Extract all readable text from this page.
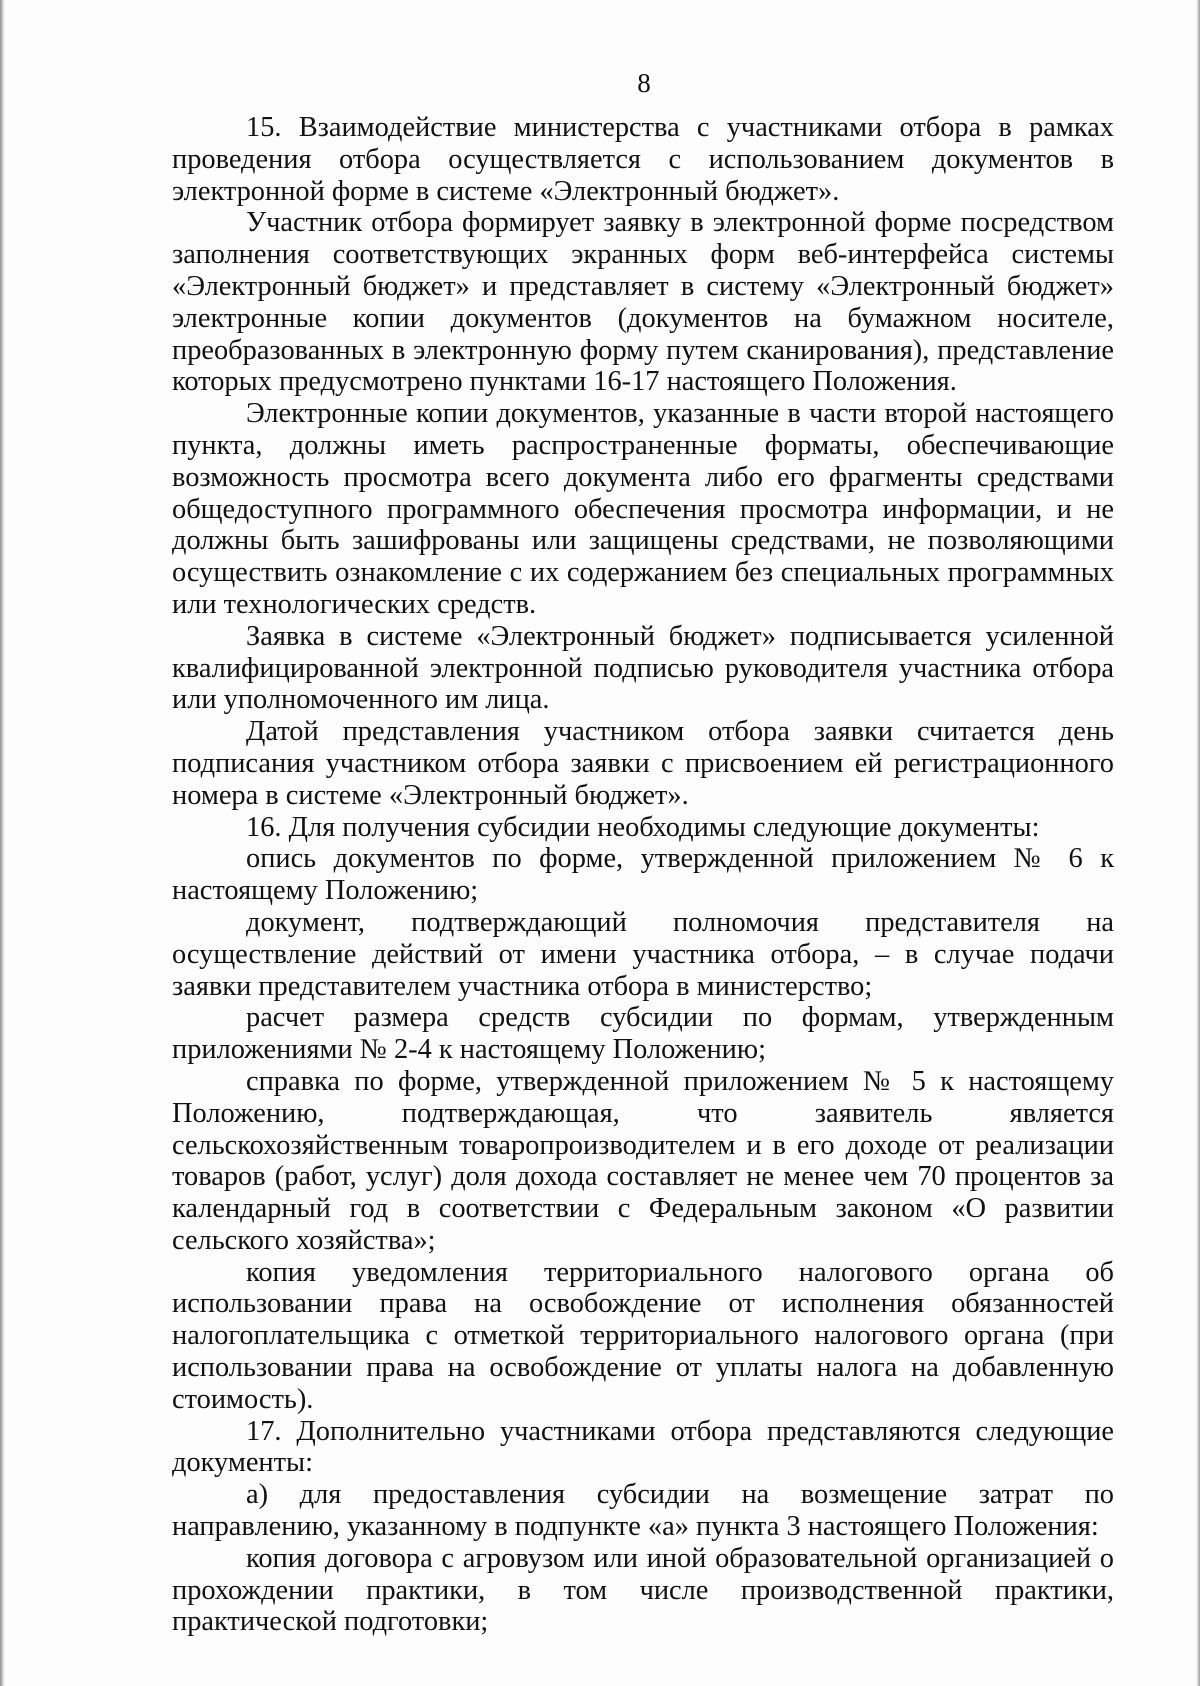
8

15. Взаимодействие министерства с участниками отбора в рамках проведения отбора осуществляется с использованием документов в электронной форме в системе «Электронный бюджет».

Участник отбора формирует заявку в электронной форме посредством заполнения соответствующих экранных форм веб-интерфейса системы «Электронный бюджет» и представляет в систему «Электронный бюджет» электронные копии документов (документов на бумажном носителе, преобразованных в электронную форму путем сканирования), представление которых предусмотрено пунктами 16-17 настоящего Положения.

Электронные копии документов, указанные в части второй настоящего пункта, должны иметь распространенные форматы, обеспечивающие возможность просмотра всего документа либо его фрагменты средствами общедоступного программного обеспечения просмотра информации, и не должны быть зашифрованы или защищены средствами, не позволяющими осуществить ознакомление с их содержанием без специальных программных или технологических средств.

Заявка в системе «Электронный бюджет» подписывается усиленной квалифицированной электронной подписью руководителя участника отбора или уполномоченного им лица.

Датой представления участником отбора заявки считается день подписания участником отбора заявки с присвоением ей регистрационного номера в системе «Электронный бюджет».

16. Для получения субсидии необходимы следующие документы:

опись документов по форме, утвержденной приложением № 6 к настоящему Положению;

документ, подтверждающий полномочия представителя на осуществление действий от имени участника отбора, – в случае подачи заявки представителем участника отбора в министерство;

расчет размера средств субсидии по формам, утвержденным приложениями № 2-4 к настоящему Положению;

справка по форме, утвержденной приложением № 5 к настоящему Положению, подтверждающая, что заявитель является сельскохозяйственным товаропроизводителем и в его доходе от реализации товаров (работ, услуг) доля дохода составляет не менее чем 70 процентов за календарный год в соответствии с Федеральным законом «О развитии сельского хозяйства»;

копия уведомления территориального налогового органа об использовании права на освобождение от исполнения обязанностей налогоплательщика с отметкой территориального налогового органа (при использовании права на освобождение от уплаты налога на добавленную стоимость).

17. Дополнительно участниками отбора представляются следующие документы:

а) для предоставления субсидии на возмещение затрат по направлению, указанному в подпункте «а» пункта 3 настоящего Положения:

копия договора с агровузом или иной образовательной организацией о прохождении практики, в том числе производственной практики, практической подготовки;
